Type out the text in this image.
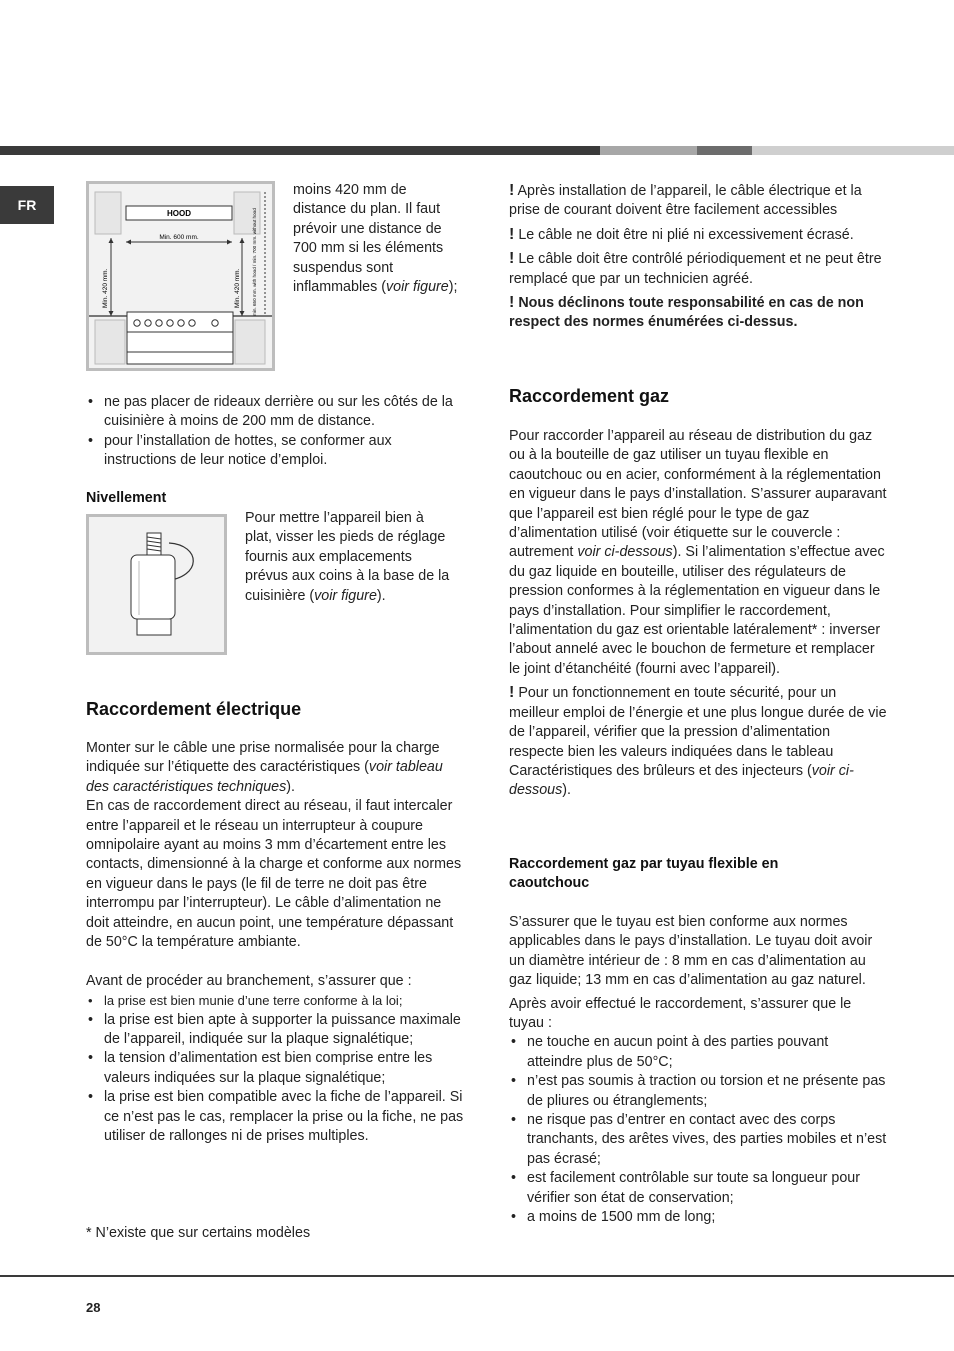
FR
HOOD
Min. 600 mm.
Min. 420 mm.	Min. 420 mm. min. 650 mm. with hood / min. 700 mm. without hood
moins 420 mm de distance du plan. Il faut prévoir une distance de 700 mm si les éléments suspendus sont inflammables (voir figure);
• ne pas placer de rideaux derrière ou sur les côtés de la cuisinière à moins de 200 mm de distance.
• pour l’installation de hottes, se conformer aux instructions de leur notice d’emploi.
Nivellement
Pour mettre l’appareil bien à plat, visser les pieds de réglage fournis aux emplacements prévus aux coins à la base de la cuisinière (voir figure).
Raccordement électrique

Monter sur le câble une prise normalisée pour la charge indiquée sur l’étiquette des caractéristiques (voir tableau des caractéristiques techniques).

En cas de raccordement direct au réseau, il faut intercaler entre l’appareil et le réseau un interrupteur à coupure omnipolaire ayant au moins 3 mm d’écartement entre les contacts, dimensionné à la charge et conforme aux normes en vigueur dans le pays (le fil de terre ne doit pas être interrompu par l’interrupteur). Le câble d’alimentation ne doit atteindre, en aucun point, une température dépassant de 50°C la température ambiante.

Avant de procéder au branchement, s’assurer que :

• la prise est bien munie d’une terre conforme à la loi;
• la prise est bien apte à supporter la puissance maximale de l’appareil, indiquée sur la plaque signalétique;
• la tension d’alimentation est bien comprise entre les valeurs indiquées sur la plaque signalétique;
• la prise est bien compatible avec la fiche de l’appareil. Si ce n’est pas le cas, remplacer la prise ou la fiche, ne pas utiliser de rallonges ni de prises multiples.
* N’existe que sur certains modèles

! Après installation de l’appareil, le câble électrique et la prise de courant doivent être facilement accessibles

! Le câble ne doit être ni plié ni excessivement écrasé.

! Le câble doit être contrôlé périodiquement et ne peut être remplacé que par un technicien agréé.

! Nous déclinons toute responsabilité en cas de non respect des normes énumérées ci-dessus.

Raccordement gaz

Pour raccorder l’appareil au réseau de distribution du gaz ou à la bouteille de gaz utiliser un tuyau flexible en caoutchouc ou en acier, conformément à la réglementation en vigueur dans le pays d’installation. S’assurer auparavant que l’appareil est bien réglé pour le type de gaz d’alimentation utilisé (voir étiquette sur le couvercle : autrement voir ci-dessous). Si l’alimentation s’effectue avec du gaz liquide en bouteille, utiliser des régulateurs de pression conformes à la réglementation en vigueur dans le pays d’installation. Pour simplifier le raccordement, l’alimentation du gaz est orientable latéralement* : inverser l’about annelé avec le bouchon de fermeture et remplacer le joint d’étanchéité (fourni avec l’appareil).

! Pour un fonctionnement en toute sécurité, pour un meilleur emploi de l’énergie et une plus longue durée de vie de l’appareil, vérifier que la pression d’alimentation respecte bien les valeurs indiquées dans le tableau Caractéristiques des brûleurs et des injecteurs (voir ci-dessous).

Raccordement gaz par tuyau flexible en caoutchouc

S’assurer que le tuyau est bien conforme aux normes applicables dans le pays d’installation. Le tuyau doit avoir un diamètre intérieur de : 8 mm en cas d’alimentation au gaz liquide; 13 mm en cas d’alimentation au gaz naturel.

Après avoir effectué le raccordement, s’assurer que le tuyau :

• ne touche en aucun point à des parties pouvant atteindre plus de 50°C;
• n’est pas soumis à traction ou torsion et ne présente pas de pliures ou étranglements;
• ne risque pas d’entrer en contact avec des corps tranchants, des arêtes vives, des parties mobiles et n’est pas écrasé;
• est facilement contrôlable sur toute sa longueur pour vérifier son état de conservation;
• a moins de 1500 mm de long;
28
